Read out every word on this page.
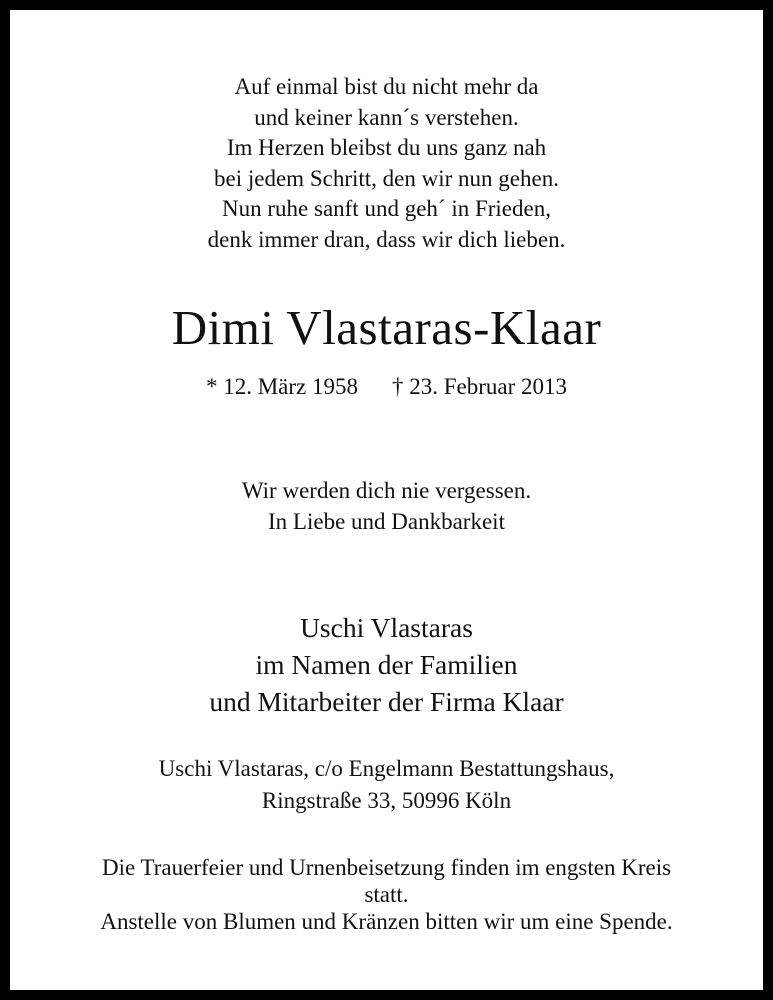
Auf einmal bist du nicht mehr da
und keiner kann´s verstehen.
Im Herzen bleibst du uns ganz nah
bei jedem Schritt, den wir nun gehen.
Nun ruhe sanft und geh´ in Frieden,
denk immer dran, dass wir dich lieben.
Dimi Vlastaras-Klaar
* 12. März 1958 † 23. Februar 2013
Wir werden dich nie vergessen.
In Liebe und Dankbarkeit
Uschi Vlastaras
im Namen der Familien
und Mitarbeiter der Firma Klaar
Uschi Vlastaras, c/o Engelmann Bestattungshaus,
Ringstraße 33, 50996 Köln
Die Trauerfeier und Urnenbeisetzung finden im engsten Kreis
statt.
Anstelle von Blumen und Kränzen bitten wir um eine Spende.
